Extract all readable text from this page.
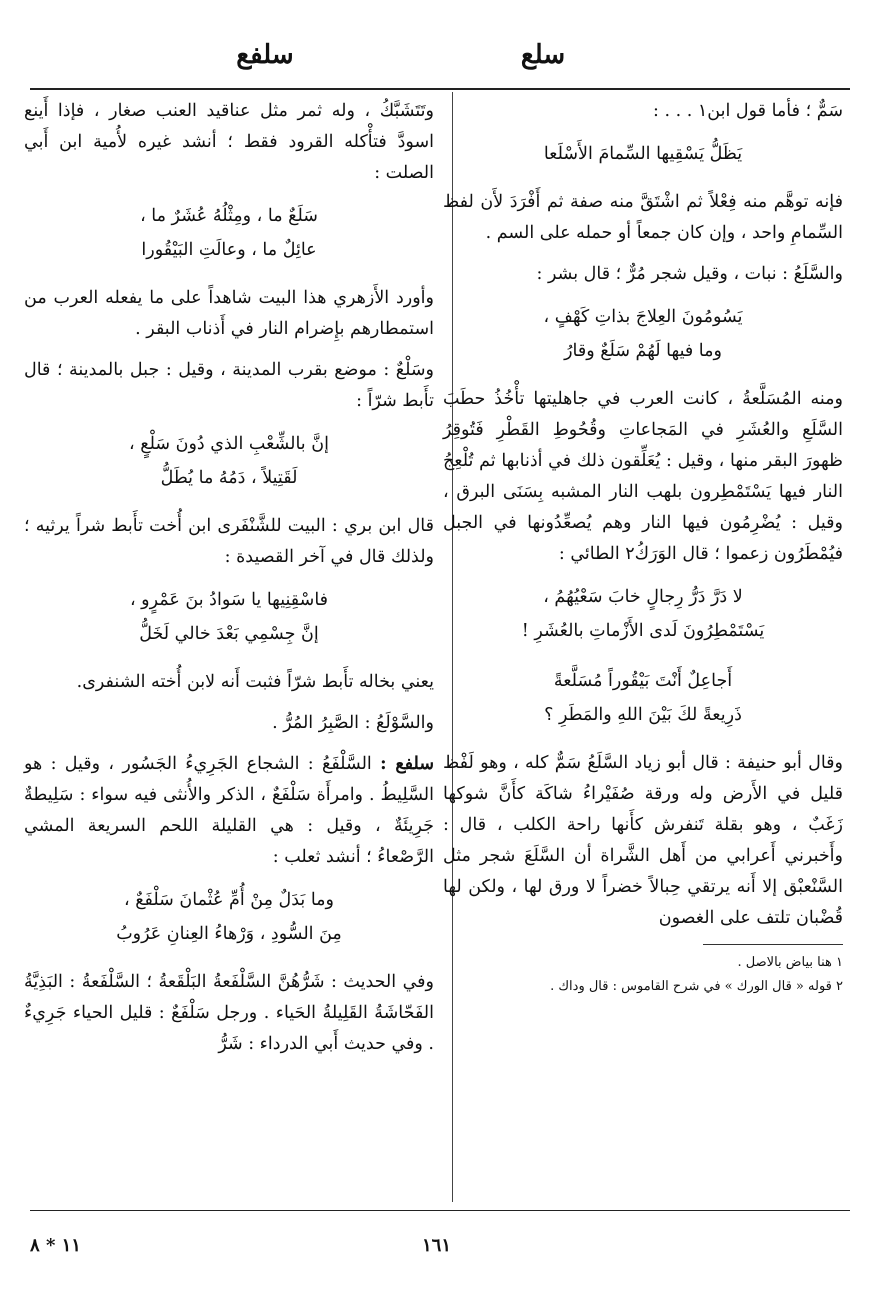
سلع
سلفع

سَمٌّ ؛ فأما قول ابن١ . . . :

يَظَلُّ يَسْقِيها السِّمامَ الأَسْلَعا

فإنه توهَّم منه فِعْلاً ثم اشْتَقَّ منه صفة ثم أَفْرَدَ لأَن لفظ السِّمامِ واحد ، وإن كان جمعاً أو حمله على السم .

والسَّلَعُ : نبات ، وقيل شجر مُرٌّ ؛ قال بشر :

يَسُومُونَ العِلاجَ بذاتِ كَهْفٍ ،
وما فيها لَهُمْ سَلَعٌ وقارُ

ومنه المُسَلَّعةُ ، كانت العرب في جاهليتها تأْخُذُ حطَبَ السَّلَعِ والعُشَرِ في المَجاعاتِ وقُحُوطِ القَطْرِ فَتُوقِرُ ظهورَ البقر منها ، وقيل : يُعَلِّقون ذلك في أذنابها ثم تُلْعِجُ النار فيها يَسْتَمْطِرون بلهب النار المشبه بِسَنَى البرق ، وقيل : يُضْرِمُون فيها النار وهم يُصعِّدُونها في الجبل فيُمْطَرُون زعموا ؛ قال الوَرَكُ٢ الطائي :

لا دَرَّ دَرُّ رِجالٍ خابَ سَعْيُهُمُ ،
يَسْتَمْطِرُونَ لَدى الأَزْماتِ بالعُشَرِ !
أَجاعِلٌ أَنْتَ بَيْقُوراً مُسَلَّعةً
ذَرِيعةً لكَ بَيْنَ اللهِ والمَطَرِ ؟

وقال أبو حنيفة : قال أبو زياد السَّلَعُ سَمٌّ كله ، وهو لَفْظ قليل في الأَرض وله ورقة صُفَيْراءُ شاكَة كأَنَّ شوكها زَغَبٌ ، وهو بقلة تَنفرش كأَنها راحة الكلب ، قال : وأَخبرني أَعرابي من أَهل الشَّراة أن السَّلَعَ شجر مثل السَّنْعبْق إلا أَنه يرتقي حِبالاً خضراً لا ورق لها ، ولكن لها قُضْبان تلتف على الغصون

١ هنا بياض بالاصل .
٢ قوله « قال الورك » في شرح القاموس : قال وداك .

وتَتَشَبَّكُ ، وله ثمر مثل عناقيد العنب صغار ، فإذا أَينع اسودَّ فتأْكله القرود فقط ؛ أنشد غيره لأُمية ابن أَبي الصلت :

سَلَعٌ ما ، ومِثْلُهُ عُشَرٌ ما ،
عائِلٌ ما ، وعالَتِ البَيْقُورا

وأورد الأَزهري هذا البيت شاهداً على ما يفعله العرب من استمطارهم بإِضرام النار في أَذناب البقر .

وسَلْعٌ : موضع بقرب المدينة ، وقيل : جبل بالمدينة ؛ قال تأَبط شرّاً :

إنَّ بالشِّعْبِ الذي دُونَ سَلْعٍ ،
لَقَتِيلاً ، دَمُهُ ما يُطَلُّ

قال ابن بري : البيت للشَّنْفَرى ابن أُخت تأَبط شراً يرثيه ؛ ولذلك قال في آخر القصيدة :

فاسْقِنِيها يا سَوادُ بنَ عَمْرٍو ،
إنَّ جِسْمِي بَعْدَ خالي لَخَلُّ

يعني بخاله تأَبط شرّاً فثبت أَنه لابن أُخته الشنفرى.

والسَّوْلَعُ : الصَّبِرُ المُرُّ .

سلفع : السَّلْفَعُ : الشجاع الجَرِيءُ الجَسُور ، وقيل : هو السَّلِيطُ . وامرأَة سَلْفَعٌ ، الذكر والأُنثى فيه سواء : سَلِيطةٌ جَرِيئَةٌ ، وقيل : هي القليلة اللحم السريعة المشي الرَّصْعاءُ ؛ أنشد ثعلب :

وما بَدَلٌ مِنْ أُمِّ عُثْمانَ سَلْفَعٌ ،
مِنَ السُّودِ ، وَرْهاءُ العِنانِ عَرُوبُ

وفي الحديث : شَرُّهُنَّ السَّلْفَعةُ البَلْقَعةُ ؛ السَّلْفَعةُ : البَذِيَّةُ الفَحّاشَةُ القَلِيلةُ الحَياء . ورجل سَلْفَعٌ : قليل الحياء جَرِيءٌ . وفي حديث أَبي الدرداء : شَرُّ

١٦١
١١ * ٨
